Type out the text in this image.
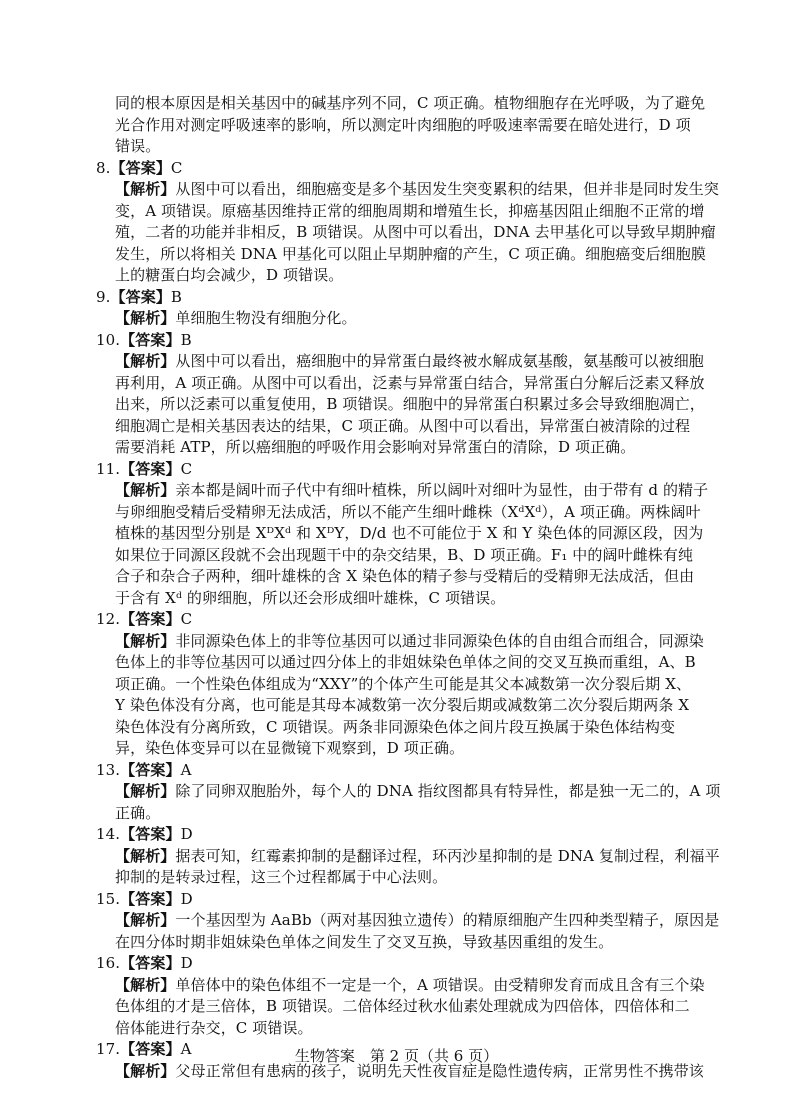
同的根本原因是相关基因中的碱基序列不同，C 项正确。植物细胞存在光呼吸，为了避免
光合作用对测定呼吸速率的影响，所以测定叶肉细胞的呼吸速率需要在暗处进行，D 项
错误。
8.【答案】C
【解析】从图中可以看出，细胞癌变是多个基因发生突变累积的结果，但并非是同时发生突
变，A 项错误。原癌基因维持正常的细胞周期和增殖生长，抑癌基因阻止细胞不正常的增
殖，二者的功能并非相反，B 项错误。从图中可以看出，DNA 去甲基化可以导致早期肿瘤
发生，所以将相关 DNA 甲基化可以阻止早期肿瘤的产生，C 项正确。细胞癌变后细胞膜
上的糖蛋白均会减少，D 项错误。
9.【答案】B
【解析】单细胞生物没有细胞分化。
10.【答案】B
【解析】从图中可以看出，癌细胞中的异常蛋白最终被水解成氨基酸，氨基酸可以被细胞
再利用，A 项正确。从图中可以看出，泛素与异常蛋白结合，异常蛋白分解后泛素又释放
出来，所以泛素可以重复使用，B 项错误。细胞中的异常蛋白积累过多会导致细胞凋亡，
细胞凋亡是相关基因表达的结果，C 项正确。从图中可以看出，异常蛋白被清除的过程
需要消耗 ATP，所以癌细胞的呼吸作用会影响对异常蛋白的清除，D 项正确。
11.【答案】C
【解析】亲本都是阔叶而子代中有细叶植株，所以阔叶对细叶为显性，由于带有 d 的精子
与卵细胞受精后受精卵无法成活，所以不能产生细叶雌株（XᵈXᵈ），A 项正确。两株阔叶
植株的基因型分别是 XᴰXᵈ 和 XᴰY，D/d 也不可能位于 X 和 Y 染色体的同源区段，因为
如果位于同源区段就不会出现题干中的杂交结果，B、D 项正确。F₁ 中的阔叶雌株有纯
合子和杂合子两种，细叶雄株的含 X 染色体的精子参与受精后的受精卵无法成活，但由
于含有 Xᵈ 的卵细胞，所以还会形成细叶雄株，C 项错误。
12.【答案】C
【解析】非同源染色体上的非等位基因可以通过非同源染色体的自由组合而组合，同源染
色体上的非等位基因可以通过四分体上的非姐妹染色单体之间的交叉互换而重组，A、B
项正确。一个性染色体组成为“XXY”的个体产生可能是其父本减数第一次分裂后期 X、
Y 染色体没有分离，也可能是其母本减数第一次分裂后期或减数第二次分裂后期两条 X
染色体没有分离所致，C 项错误。两条非同源染色体之间片段互换属于染色体结构变
异，染色体变异可以在显微镜下观察到，D 项正确。
13.【答案】A
【解析】除了同卵双胞胎外，每个人的 DNA 指纹图都具有特异性，都是独一无二的，A 项
正确。
14.【答案】D
【解析】据表可知，红霉素抑制的是翻译过程，环丙沙星抑制的是 DNA 复制过程，利福平
抑制的是转录过程，这三个过程都属于中心法则。
15.【答案】D
【解析】一个基因型为 AaBb（两对基因独立遗传）的精原细胞产生四种类型精子，原因是
在四分体时期非姐妹染色单体之间发生了交叉互换，导致基因重组的发生。
16.【答案】D
【解析】单倍体中的染色体组不一定是一个，A 项错误。由受精卵发育而成且含有三个染
色体组的才是三倍体，B 项错误。二倍体经过秋水仙素处理就成为四倍体，四倍体和二
倍体能进行杂交，C 项错误。
17.【答案】A
【解析】父母正常但有患病的孩子，说明先天性夜盲症是隐性遗传病，正常男性不携带该
生物答案　第 2 页（共 6 页）
